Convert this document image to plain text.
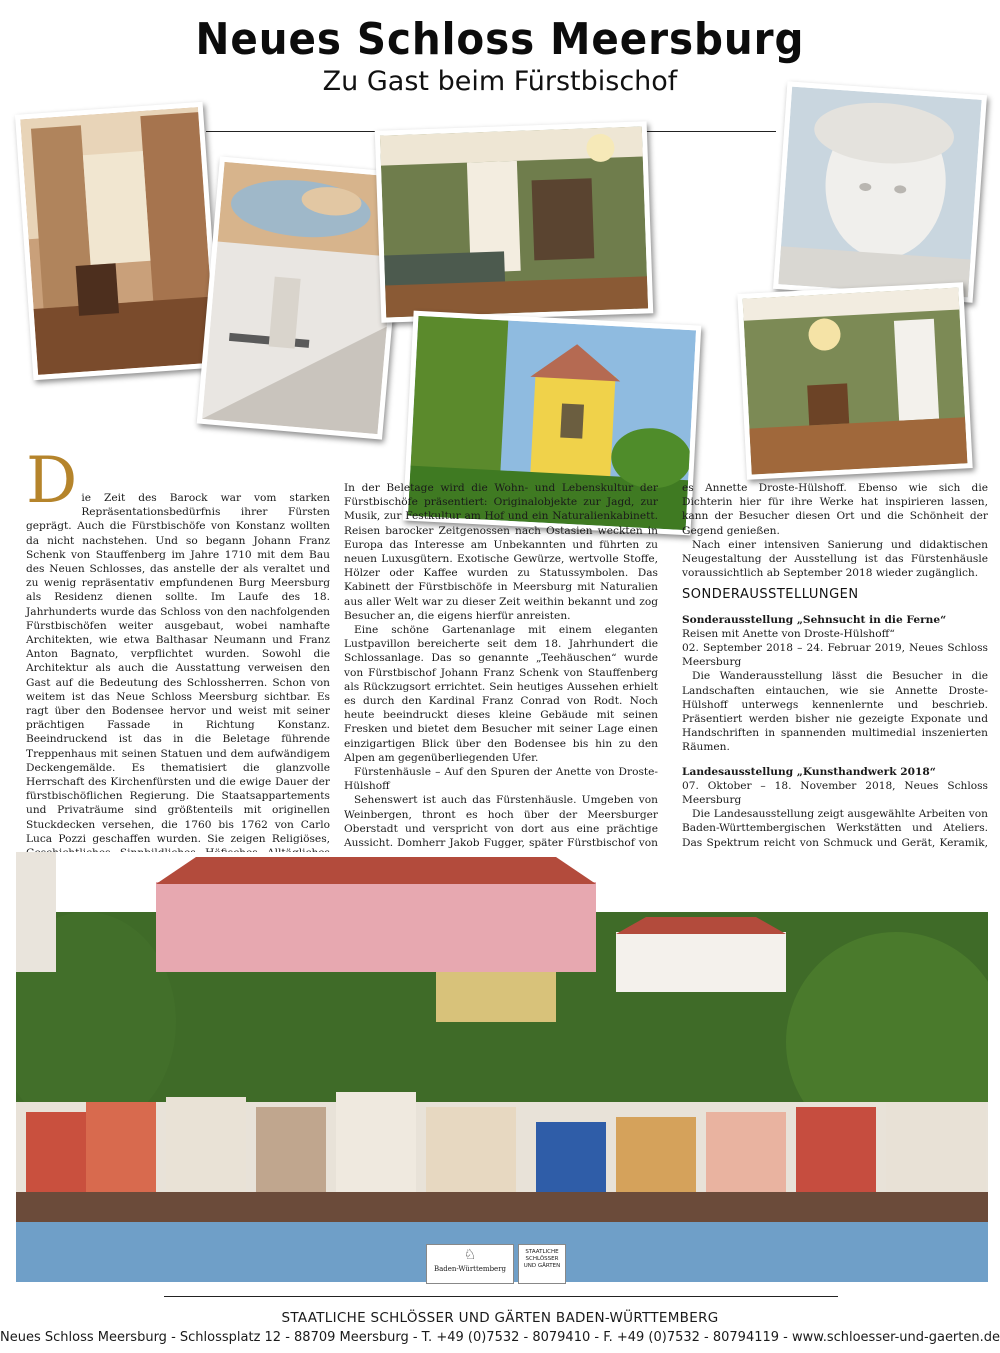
Neues Schloss Meersburg
Zu Gast beim Fürstbischof

Die Zeit des Barock war vom starken Repräsentationsbedürfnis ihrer Fürsten geprägt. Auch die Fürstbischöfe von Konstanz wollten da nicht nachstehen. Und so begann Johann Franz Schenk von Stauffenberg im Jahre 1710 mit dem Bau des Neuen Schlosses, das anstelle der als veraltet und zu wenig repräsentativ empfundenen Burg Meersburg als Residenz dienen sollte. Im Laufe des 18. Jahrhunderts wurde das Schloss von den nachfolgenden Fürstbischöfen weiter ausgebaut, wobei namhafte Architekten, wie etwa Balthasar Neumann und Franz Anton Bagnato, verpflichtet wurden. Sowohl die Architektur als auch die Ausstattung verweisen den Gast auf die Bedeutung des Schlossherren. Schon von weitem ist das Neue Schloss Meersburg sichtbar. Es ragt über den Bodensee hervor und weist mit seiner prächtigen Fassade in Richtung Konstanz. Beeindruckend ist das in die Beletage führende Treppenhaus mit seinen Statuen und dem aufwändigem Deckengemälde. Es thematisiert die glanzvolle Herrschaft des Kirchenfürsten und die ewige Dauer der fürstbischöflichen Regierung. Die Staatsappartements und Privaträume sind größtenteils mit originellen Stuckdecken versehen, die 1760 bis 1762 von Carlo Luca Pozzi geschaffen wurden. Sie zeigen Religiöses,

In der Beletage wird die Wohn- und Lebenskultur der Fürstbischöfe präsentiert: Originalobjekte zur Jagd, zur Musik, zur Festkultur am Hof und ein Naturalienkabinett. Reisen barocker Zeitgenossen nach Ostasien weckten in Europa das Interesse am Unbekannten und führten zu neuen Luxusgütern. Exotische Gewürze, wertvolle Stoffe, Hölzer oder Kaffee wurden zu Statussymbolen. Das Kabinett der Fürstbischöfe in Meersburg mit Naturalien aus aller Welt war zu dieser Zeit weithin bekannt und zog Besucher an, die eigens hierfür anreisten.

Eine schöne Gartenanlage mit einem eleganten Lustpavillon bereicherte seit dem 18. Jahrhundert die Schlossanlage. Das so genannte „Teehäuschen“ wurde von Fürstbischof Johann Franz Schenk von Stauffenberg als Rückzugsort errichtet. Sein heutiges Aussehen erhielt es durch den Kardinal Franz Conrad von Rodt. Noch heute beeindruckt dieses kleine Gebäude mit seinen Fresken und bietet dem Besucher mit seiner Lage einen einzigartigen Blick über den Bodensee bis hin zu den Alpen am gegenüberliegenden Ufer.

Fürstenhäusle – Auf den Spuren der Anette von Droste-Hülshoff

Sehenswert ist auch das Fürstenhäusle. Umgeben von Weinbergen, thront es hoch über der Meersburger Oberstadt und verspricht von dort aus eine prächtige Aussicht. Domherr Jakob Fugger, später Fürstbischof von

es Annette Droste-Hülshoff. Ebenso wie sich die Dichterin hier für ihre Werke hat inspirieren lassen, kann der Besucher diesen Ort und die Schönheit der Gegend genießen.

Nach einer intensiven Sanierung und didaktischen Neugestaltung der Ausstellung ist das Fürstenhäusle voraussichtlich ab September 2018 wieder zugänglich.

SONDERAUSSTELLUNGEN

Sonderausstellung „Sehnsucht in die Ferne“

Reisen mit Anette von Droste-Hülshoff“

02. September 2018 – 24. Februar 2019, Neues Schloss Meersburg

Die Wanderausstellung lässt die Besucher in die Landschaften eintauchen, wie sie Annette Droste-Hülshoff unterwegs kennenlernte und beschrieb. Präsentiert werden bisher nie gezeigte Exponate und Handschriften in spannenden multimedial inszenierten Räumen.

Landesausstellung „Kunsthandwerk 2018“

07. Oktober – 18. November 2018, Neues Schloss Meersburg

Die Landesausstellung zeigt ausgewählte Arbeiten von Baden-Württembergischen Werkstätten und Ateliers. Das Spektrum reicht von Schmuck und Gerät, Keramik,

♘
Baden-Württemberg
STAATLICHE
SCHLÖSSER
UND GÄRTEN
STAATLICHE SCHLÖSSER UND GÄRTEN BADEN-WÜRTTEMBERG
Neues Schloss Meersburg - Schlossplatz 12 - 88709 Meersburg - T. +49 (0)7532 - 8079410 - F. +49 (0)7532 - 80794119 - www.schloesser-und-gaerten.de
